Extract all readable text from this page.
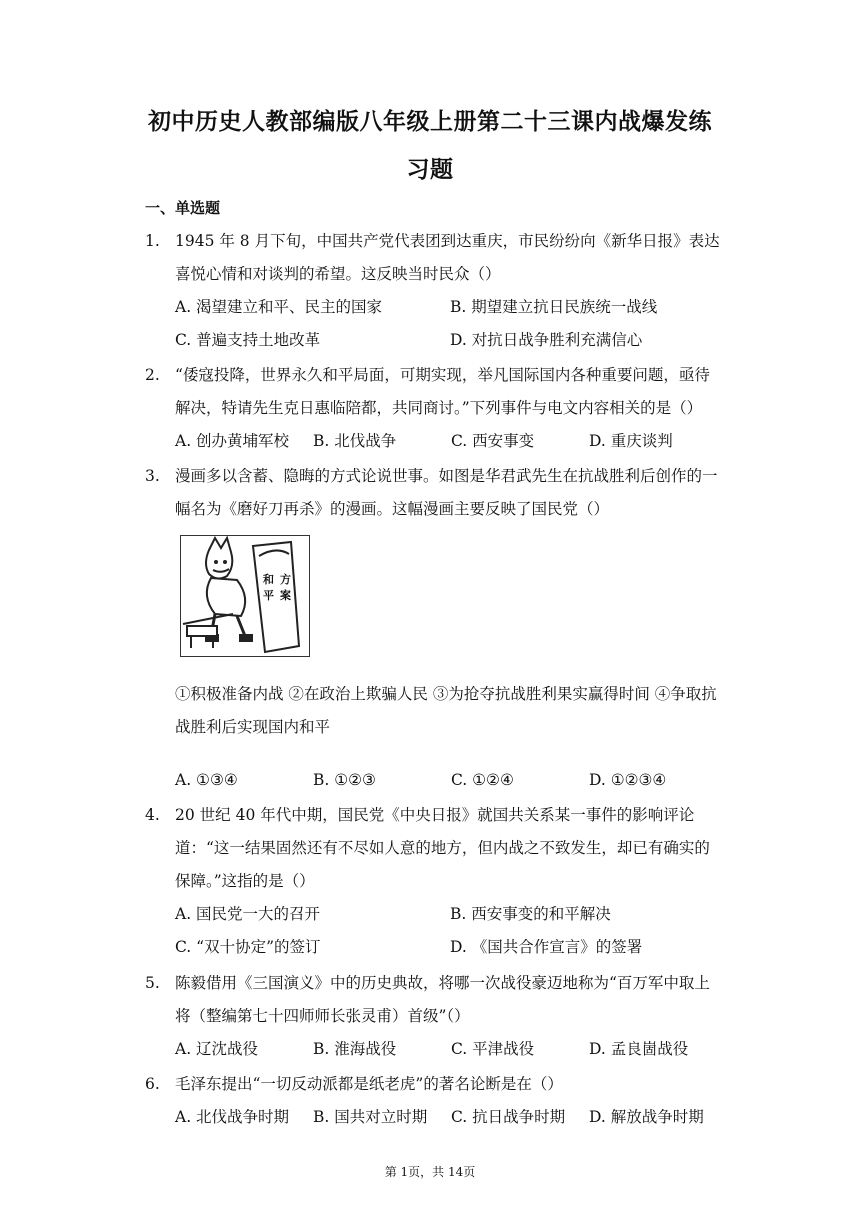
初中历史人教部编版八年级上册第二十三课内战爆发练
习题
一、单选题
1. 1945 年 8 月下旬，中国共产党代表团到达重庆，市民纷纷向《新华日报》表达喜悦心情和对谈判的希望。这反映当时民众（）
A. 渴望建立和平、民主的国家	B. 期望建立抗日民族统一战线
C. 普遍支持土地改革	D. 对抗日战争胜利充满信心
2. “倭寇投降，世界永久和平局面，可期实现，举凡国际国内各种重要问题，亟待解决，特请先生克日惠临陪都，共同商讨。”下列事件与电文内容相关的是（）
A. 创办黄埔军校	B. 北伐战争	C. 西安事变	D. 重庆谈判
3. 漫画多以含蓄、隐晦的方式论说世事。如图是华君武先生在抗战胜利后创作的一幅名为《磨好刀再杀》的漫画。这幅漫画主要反映了国民党（）
和 方
平 案
①积极准备内战 ②在政治上欺骗人民 ③为抢夺抗战胜利果实赢得时间 ④争取抗战胜利后实现国内和平
A. ①③④	B. ①②③	C. ①②④	D. ①②③④
4. 20 世纪 40 年代中期，国民党《中央日报》就国共关系某一事件的影响评论道：“这一结果固然还有不尽如人意的地方，但内战之不致发生，却已有确实的保障。”这指的是（）
A. 国民党一大的召开	B. 西安事变的和平解决
C. “双十协定”的签订	D. 《国共合作宣言》的签署
5. 陈毅借用《三国演义》中的历史典故，将哪一次战役豪迈地称为“百万军中取上将（整编第七十四师师长张灵甫）首级”（）
A. 辽沈战役	B. 淮海战役	C. 平津战役	D. 孟良崮战役
6. 毛泽东提出“一切反动派都是纸老虎”的著名论断是在（）
A. 北伐战争时期	B. 国共对立时期	C. 抗日战争时期	D. 解放战争时期
第 1页，共 14页
